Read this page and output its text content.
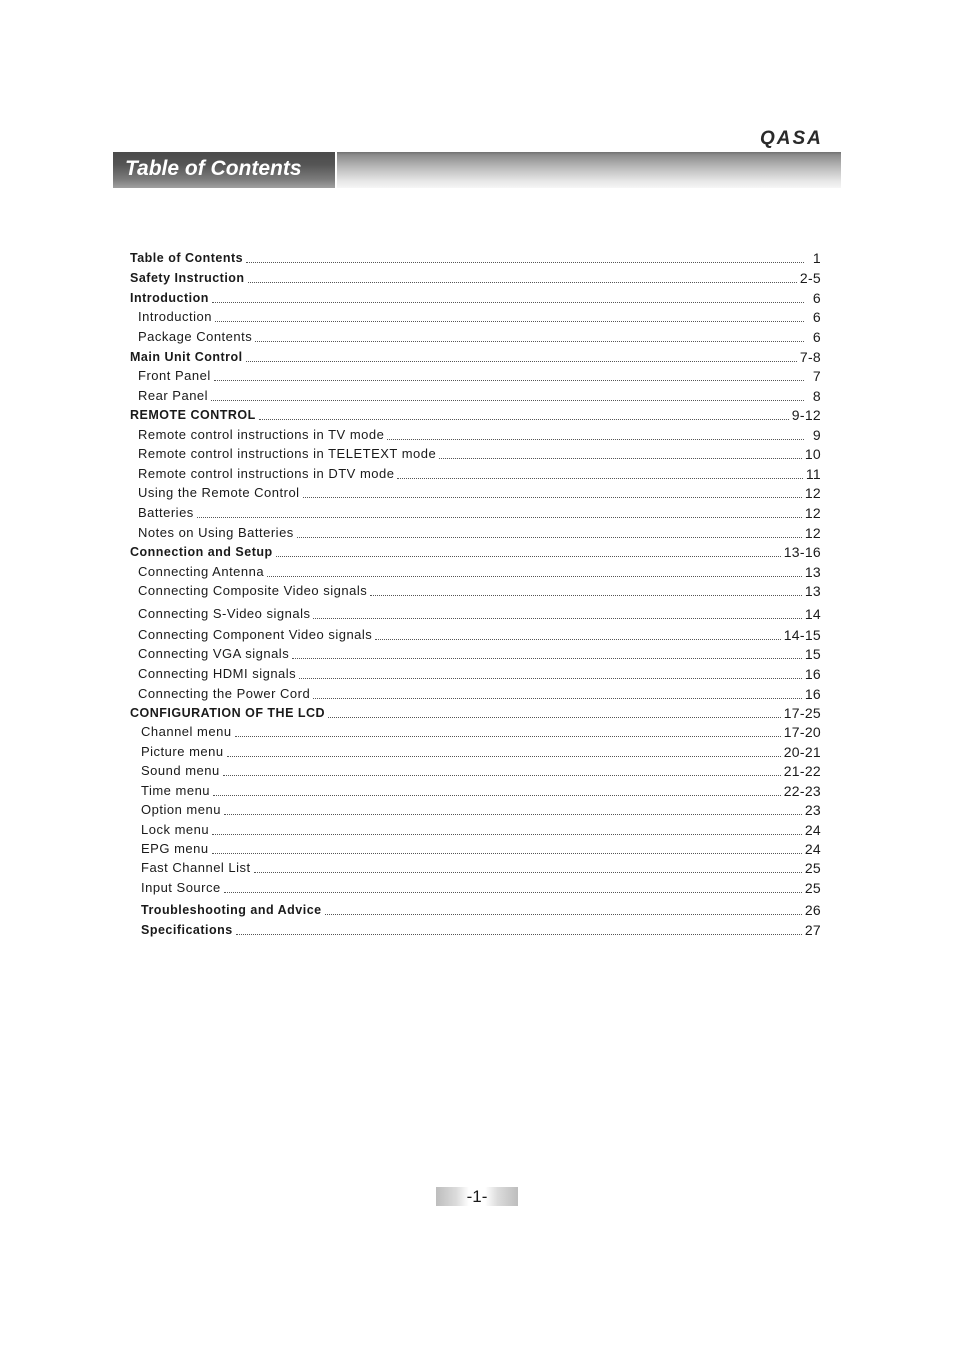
QASA
Table of Contents
Table of Contents	1
Safety Instruction	2-5
Introduction	6
Introduction	6
Package Contents	6
Main Unit Control	7-8
Front Panel	7
Rear Panel	8
REMOTE CONTROL	9-12
Remote control instructions in TV mode	9
Remote control instructions in TELETEXT mode	10
Remote control instructions in DTV mode	11
Using the Remote Control	12
Batteries	12
Notes on Using Batteries	12
Connection and Setup	13-16
Connecting Antenna	13
Connecting Composite Video signals	13
Connecting S-Video signals	14
Connecting Component Video signals	14-15
Connecting VGA signals	15
Connecting HDMI signals	16
Connecting the Power Cord	16
CONFIGURATION OF THE LCD	17-25
Channel menu	17-20
Picture menu	20-21
Sound menu	21-22
Time menu	22-23
Option menu	23
Lock menu	24
EPG menu	24
Fast Channel List	25
Input Source	25
Troubleshooting and Advice	26
Specifications	27
-1-
